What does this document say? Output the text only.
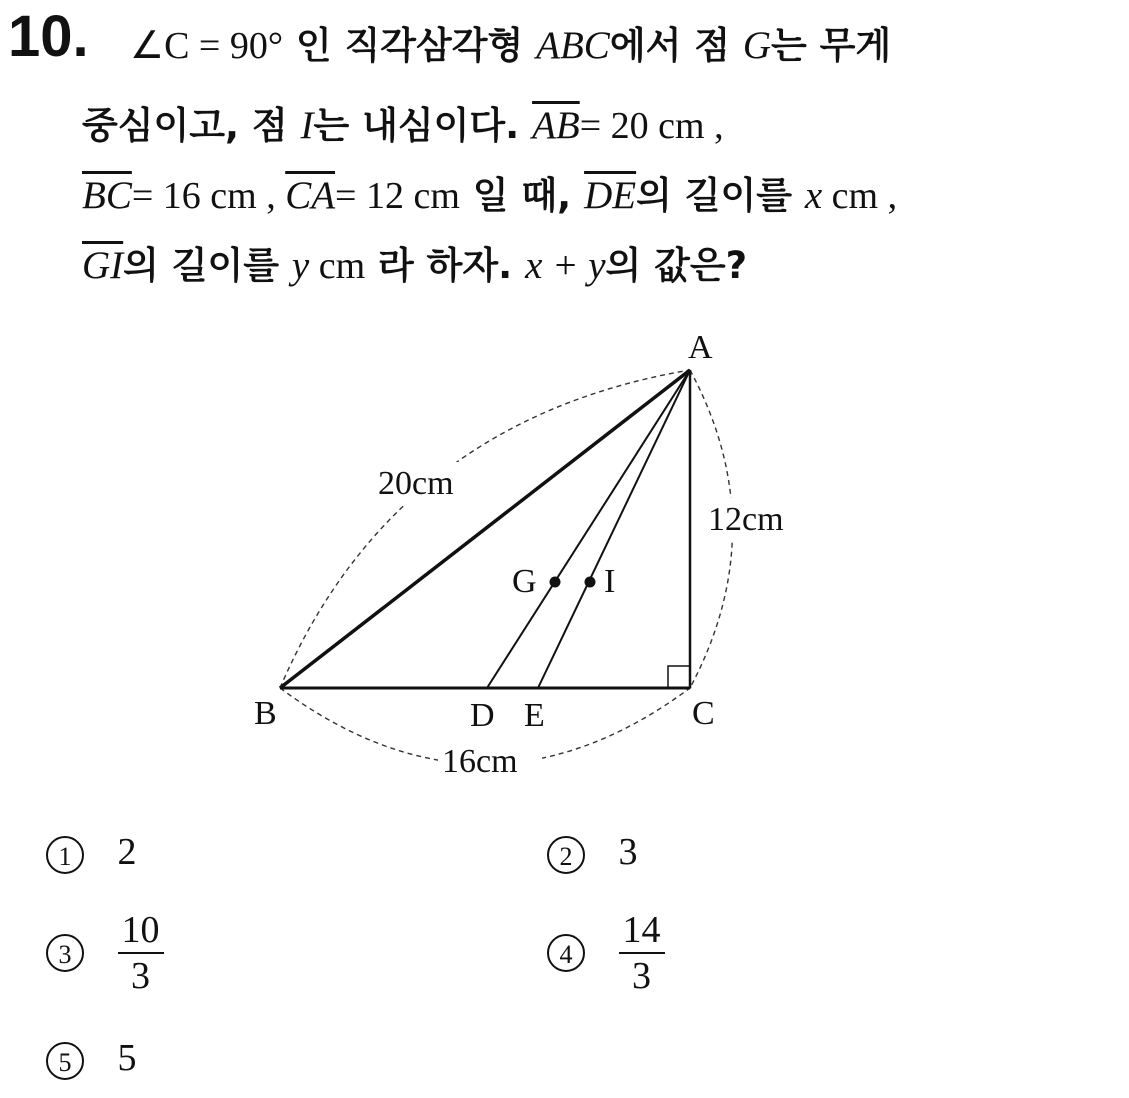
10. ∠C = 90° 인 직각삼각형 ABC에서 점 G는 무게
중심이고, 점 I는 내심이다. $\overline{AB}= 20$ cm ,
$\overline{BC}= 16$ cm , $\overline{CA}= 12$ cm 일 때, $\overline{DE}$의 길이를 x cm ,
$\overline{GI}$의 길이를 y cm 라 하자. x + y의 값은?
20cm
12cm
16cm
A
B	C
D E
G I
1 2	2 3
$3 \frac{10}{3}$	$4 \frac{14}{3}$
5 5
